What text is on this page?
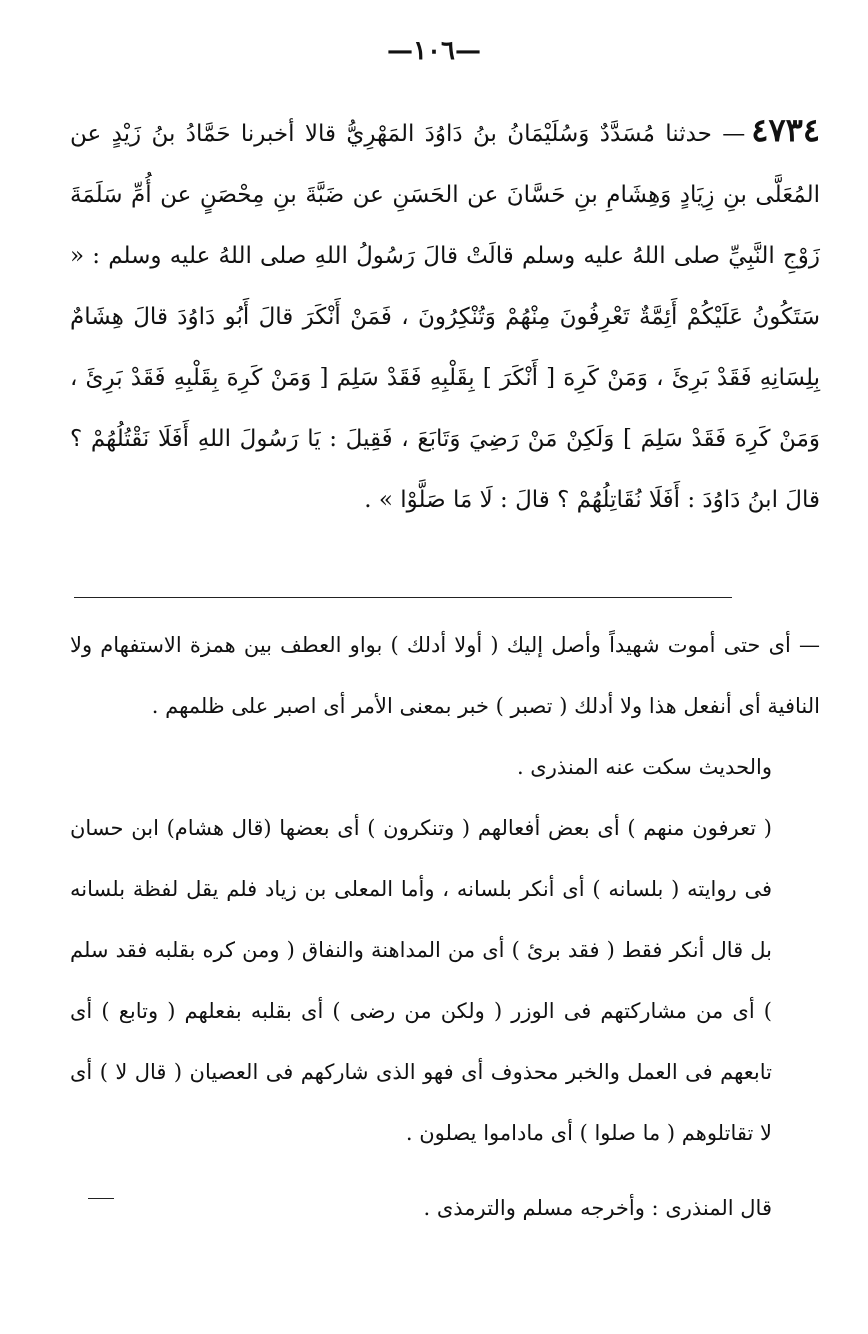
—١٠٦—
٤٧٣٤— حدثنا مُسَدَّدٌ وَسُلَيْمَانُ بنُ دَاوُدَ المَهْرِيُّ قالا أخبرنا حَمَّادُ بنُ زَيْدٍ عن المُعَلَّى بنِ زِيَادٍ وَهِشَامِ بنِ حَسَّانَ عن الحَسَنِ عن ضَبَّةَ بنِ مِحْصَنٍ عن أُمِّ سَلَمَةَ زَوْجِ النَّبِيِّ صلى اللهُ عليه وسلم قالَتْ قالَ رَسُولُ اللهِ صلى اللهُ عليه وسلم : « سَتَكُونُ عَلَيْكُمْ أَئِمَّةٌ تَعْرِفُونَ مِنْهُمْ وَتُنْكِرُونَ ، فَمَنْ أَنْكَرَ قالَ أَبُو دَاوُدَ قالَ هِشَامٌ بِلِسَانِهِ فَقَدْ بَرِئَ ، وَمَنْ كَرِهَ [ أَنْكَرَ ] بِقَلْبِهِ فَقَدْ سَلِمَ [ وَمَنْ كَرِهَ بِقَلْبِهِ فَقَدْ بَرِئَ ، وَمَنْ كَرِهَ فَقَدْ سَلِمَ ] وَلَكِنْ مَنْ رَضِيَ وَتَابَعَ ، فَقِيلَ : يَا رَسُولَ اللهِ أَفَلَا نَقْتُلُهُمْ ؟ قالَ ابنُ دَاوُدَ : أَفَلَا نُقَاتِلُهُمْ ؟ قالَ : لَا مَا صَلَّوْا » .

— أى حتى أموت شهيداً وأصل إليك ( أولا أدلك ) بواو العطف بين همزة الاستفهام ولا النافية أى أنفعل هذا ولا أدلك ( تصبر ) خبر بمعنى الأمر أى اصبر على ظلمهم .

والحديث سكت عنه المنذرى .

( تعرفون منهم ) أى بعض أفعالهم ( وتنكرون ) أى بعضها (قال هشام) ابن حسان فى روايته ( بلسانه ) أى أنكر بلسانه ، وأما المعلى بن زياد فلم يقل لفظة بلسانه بل قال أنكر فقط ( فقد برئ ) أى من المداهنة والنفاق ( ومن كره بقلبه فقد سلم ) أى من مشاركتهم فى الوزر ( ولكن من رضى ) أى بقلبه بفعلهم ( وتابع ) أى تابعهم فى العمل والخبر محذوف أى فهو الذى شاركهم فى العصيان ( قال لا ) أى لا تقاتلوهم ( ما صلوا ) أى ماداموا يصلون .

قال المنذرى : وأخرجه مسلم والترمذى .
